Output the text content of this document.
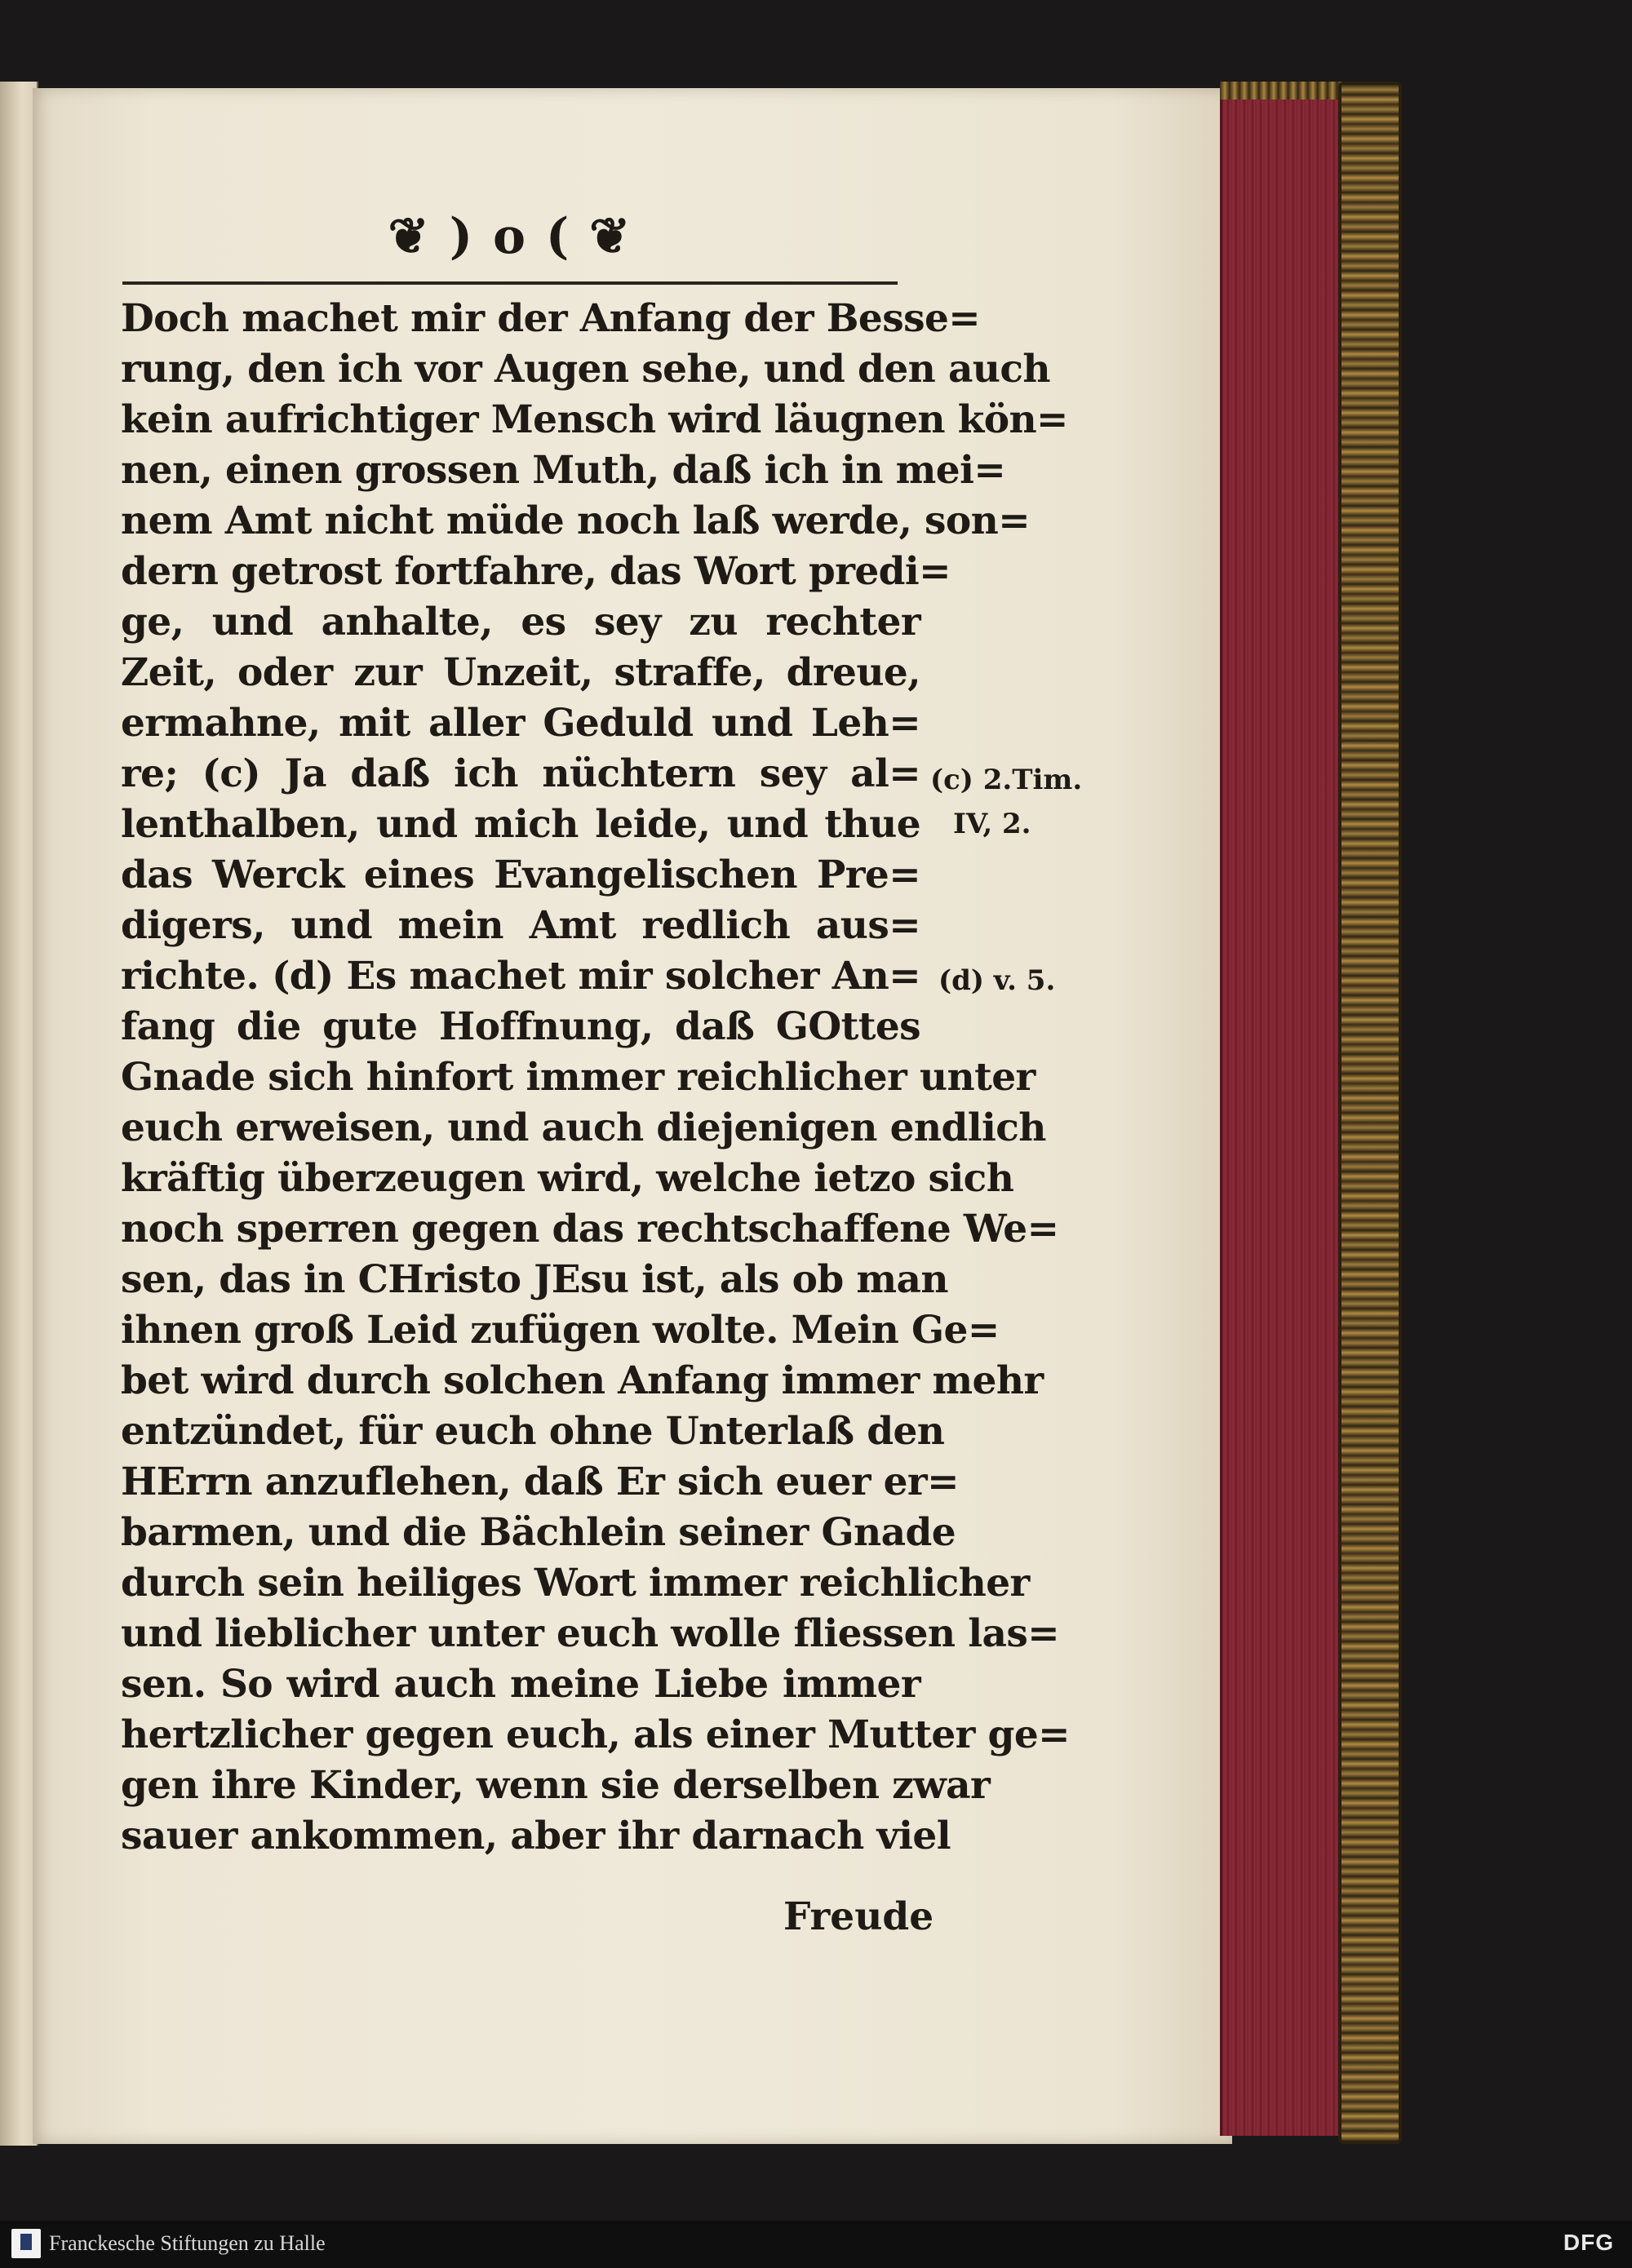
❦ ) o ( ❦
Doch machet mir der Anfang der Besse=
rung, den ich vor Augen sehe, und den auch
kein aufrichtiger Mensch wird läugnen kön=
nen, einen grossen Muth, daß ich in mei=
nem Amt nicht müde noch laß werde, son=
dern getrost fortfahre, das Wort predi=
ge, und anhalte, es sey zu rechter
Zeit, oder zur Unzeit, straffe, dreue,
ermahne, mit aller Geduld und Leh=
re; (c) Ja daß ich nüchtern sey al=
lenthalben, und mich leide, und thue
das Werck eines Evangelischen Pre=
digers, und mein Amt redlich aus=
richte. (d) Es machet mir solcher An=
fang die gute Hoffnung, daß GOttes
Gnade sich hinfort immer reichlicher unter
euch erweisen, und auch diejenigen endlich
kräftig überzeugen wird, welche ietzo sich
noch sperren gegen das rechtschaffene We=
sen, das in CHristo JEsu ist, als ob man
ihnen groß Leid zufügen wolte. Mein Ge=
bet wird durch solchen Anfang immer mehr
entzündet, für euch ohne Unterlaß den
HErrn anzuflehen, daß Er sich euer er=
barmen, und die Bächlein seiner Gnade
durch sein heiliges Wort immer reichlicher
und lieblicher unter euch wolle fliessen las=
sen. So wird auch meine Liebe immer
hertzlicher gegen euch, als einer Mutter ge=
gen ihre Kinder, wenn sie derselben zwar
sauer ankommen, aber ihr darnach viel
Freude
(c) 2.Tim.
IV, 2.
(d) v. 5.
Franckesche Stiftungen zu Halle	DFG
